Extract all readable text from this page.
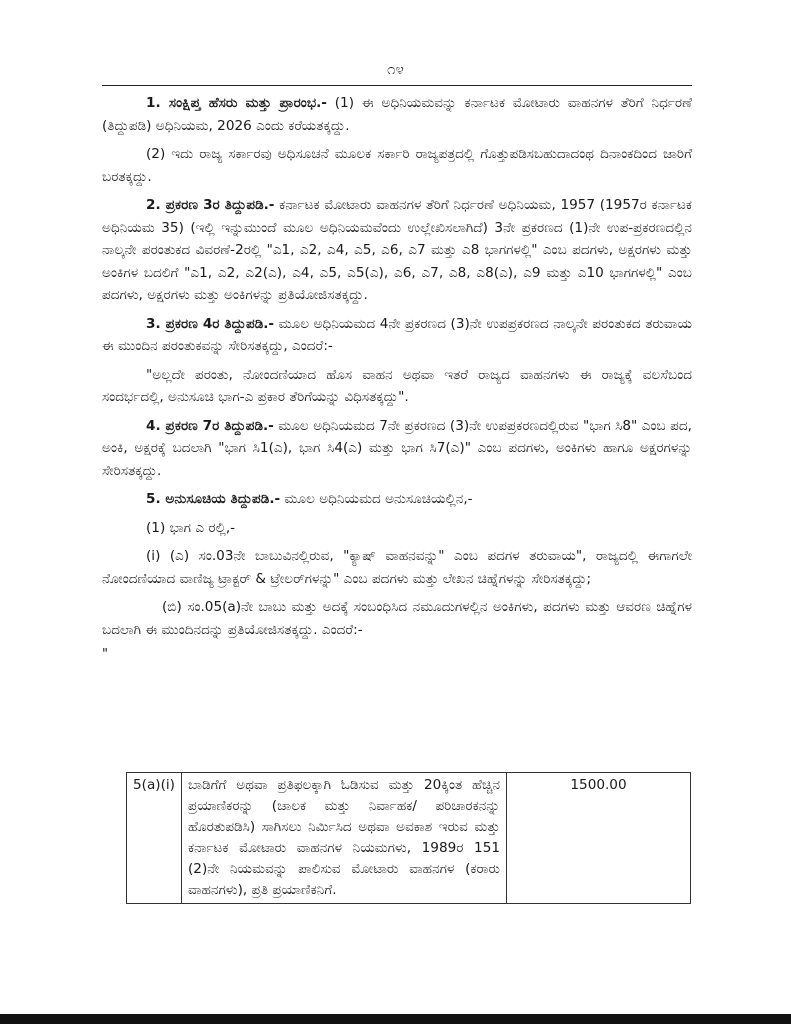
೧೪

1. ಸಂಕ್ಷಿಪ್ತ ಹೆಸರು ಮತ್ತು ಪ್ರಾರಂಭ.- (1) ಈ ಅಧಿನಿಯಮವನ್ನು ಕರ್ನಾಟಕ ಮೋಟಾರು ವಾಹನಗಳ ತೆರಿಗೆ ನಿರ್ಧರಣೆ (ತಿದ್ದುಪಡಿ) ಅಧಿನಿಯಮ, 2026 ಎಂದು ಕರೆಯತಕ್ಕದ್ದು.

(2) ಇದು ರಾಜ್ಯ ಸರ್ಕಾರವು ಅಧಿಸೂಚನೆ ಮೂಲಕ ಸರ್ಕಾರಿ ರಾಜ್ಯಪತ್ರದಲ್ಲಿ ಗೊತ್ತುಪಡಿಸಬಹುದಾದಂಥ ದಿನಾಂಕದಿಂದ ಜಾರಿಗೆ ಬರತಕ್ಕದ್ದು.

2. ಪ್ರಕರಣ 3ರ ತಿದ್ದುಪಡಿ.- ಕರ್ನಾಟಕ ಮೋಟಾರು ವಾಹನಗಳ ತೆರಿಗೆ ನಿರ್ಧರಣೆ ಅಧಿನಿಯಮ, 1957 (1957ರ ಕರ್ನಾಟಕ ಅಧಿನಿಯಮ 35) (ಇಲ್ಲಿ ಇನ್ನುಮುಂದೆ ಮೂಲ ಅಧಿನಿಯಮವೆಂದು ಉಲ್ಲೇಖಿಸಲಾಗಿದೆ) 3ನೇ ಪ್ರಕರಣದ (1)ನೇ ಉಪ-ಪ್ರಕರಣದಲ್ಲಿನ ನಾಲ್ಕನೇ ಪರಂತುಕದ ವಿವರಣೆ-2ರಲ್ಲಿ "ಎ1, ಎ2, ಎ4, ಎ5, ಎ6, ಎ7 ಮತ್ತು ಎ8 ಭಾಗಗಳಲ್ಲಿ" ಎಂಬ ಪದಗಳು, ಅಕ್ಷರಗಳು ಮತ್ತು ಅಂಕಿಗಳ ಬದಲಿಗೆ "ಎ1, ಎ2, ಎ2(ಎ), ಎ4, ಎ5, ಎ5(ಎ), ಎ6, ಎ7, ಎ8, ಎ8(ಎ), ಎ9 ಮತ್ತು ಎ10 ಭಾಗಗಳಲ್ಲಿ" ಎಂಬ ಪದಗಳು, ಅಕ್ಷರಗಳು ಮತ್ತು ಅಂಕಿಗಳನ್ನು ಪ್ರತಿಯೋಜಿಸತಕ್ಕದ್ದು.

3. ಪ್ರಕರಣ 4ರ ತಿದ್ದುಪಡಿ.- ಮೂಲ ಅಧಿನಿಯಮದ 4ನೇ ಪ್ರಕರಣದ (3)ನೇ ಉಪಪ್ರಕರಣದ ನಾಲ್ಕನೇ ಪರಂತುಕದ ತರುವಾಯ ಈ ಮುಂದಿನ ಪರಂತುಕವನ್ನು ಸೇರಿಸತಕ್ಕದ್ದು, ಎಂದರೆ:-

"ಅಲ್ಲದೇ ಪರಂತು, ನೋಂದಣಿಯಾದ ಹೊಸ ವಾಹನ ಅಥವಾ ಇತರೆ ರಾಜ್ಯದ ವಾಹನಗಳು ಈ ರಾಜ್ಯಕ್ಕೆ ವಲಸೆಬಂದ ಸಂದರ್ಭದಲ್ಲಿ, ಅನುಸೂಚಿ ಭಾಗ-ಎ ಪ್ರಕಾರ ತೆರಿಗೆಯನ್ನು ವಿಧಿಸತಕ್ಕದ್ದು".

4. ಪ್ರಕರಣ 7ರ ತಿದ್ದುಪಡಿ.- ಮೂಲ ಅಧಿನಿಯಮದ 7ನೇ ಪ್ರಕರಣದ (3)ನೇ ಉಪಪ್ರಕರಣದಲ್ಲಿರುವ "ಭಾಗ ಸಿ8" ಎಂಬ ಪದ, ಅಂಕಿ, ಅಕ್ಷರಕ್ಕೆ ಬದಲಾಗಿ "ಭಾಗ ಸಿ1(ಎ), ಭಾಗ ಸಿ4(ಎ) ಮತ್ತು ಭಾಗ ಸಿ7(ಎ)" ಎಂಬ ಪದಗಳು, ಅಂಕಿಗಳು ಹಾಗೂ ಅಕ್ಷರಗಳನ್ನು ಸೇರಿಸತಕ್ಕದ್ದು.

5. ಅನುಸೂಚಿಯ ತಿದ್ದುಪಡಿ.- ಮೂಲ ಅಧಿನಿಯಮದ ಅನುಸೂಚಿಯಲ್ಲಿನ,-

(1) ಭಾಗ ಎ ರಲ್ಲಿ,-

(i) (ಎ) ಸಂ.03ನೇ ಬಾಬುವಿನಲ್ಲಿರುವ, "ಕ್ಯಾಷ್ ವಾಹನವನ್ನು" ಎಂಬ ಪದಗಳ ತರುವಾಯ", ರಾಜ್ಯದಲ್ಲಿ ಈಗಾಗಲೇ ನೋಂದಣಿಯಾದ ವಾಣಿಜ್ಯ ಟ್ರಾಕ್ಟರ್ & ಟ್ರೇಲರ್‌ಗಳನ್ನು" ಎಂಬ ಪದಗಳು ಮತ್ತು ಲೇಖನ ಚಿಹ್ನೆಗಳನ್ನು ಸೇರಿಸತಕ್ಕದ್ದು;

(ಬಿ) ಸಂ.05(a)ನೇ ಬಾಬು ಮತ್ತು ಅದಕ್ಕೆ ಸಂಬಂಧಿಸಿದ ನಮೂದುಗಳಲ್ಲಿನ ಅಂಕಿಗಳು, ಪದಗಳು ಮತ್ತು ಆವರಣ ಚಿಹ್ನೆಗಳ ಬದಲಾಗಿ ಈ ಮುಂದಿನದನ್ನು ಪ್ರತಿಯೋಜಿಸತಕ್ಕದ್ದು. ಎಂದರೆ:-

"

5(a)(i)	ಬಾಡಿಗೆಗೆ ಅಥವಾ ಪ್ರತಿಫಲಕ್ಕಾಗಿ ಓಡಿಸುವ ಮತ್ತು 20ಕ್ಕಿಂತ ಹೆಚ್ಚಿನ ಪ್ರಯಾಣಿಕರನ್ನು (ಚಾಲಕ ಮತ್ತು ನಿರ್ವಾಹಕ/ ಪರಿಚಾರಕನನ್ನು ಹೊರತುಪಡಿಸಿ) ಸಾಗಿಸಲು ನಿರ್ಮಿಸಿದ ಅಥವಾ ಅವಕಾಶ ಇರುವ ಮತ್ತು ಕರ್ನಾಟಕ ಮೋಟಾರು ವಾಹನಗಳ ನಿಯಮಗಳು, 1989ರ 151 (2)ನೇ ನಿಯಮವನ್ನು ಪಾಲಿಸುವ ಮೋಟಾರು ವಾಹನಗಳ (ಕರಾರು ವಾಹನಗಳು), ಪ್ರತಿ ಪ್ರಯಾಣಿಕನಿಗೆ.	1500.00
